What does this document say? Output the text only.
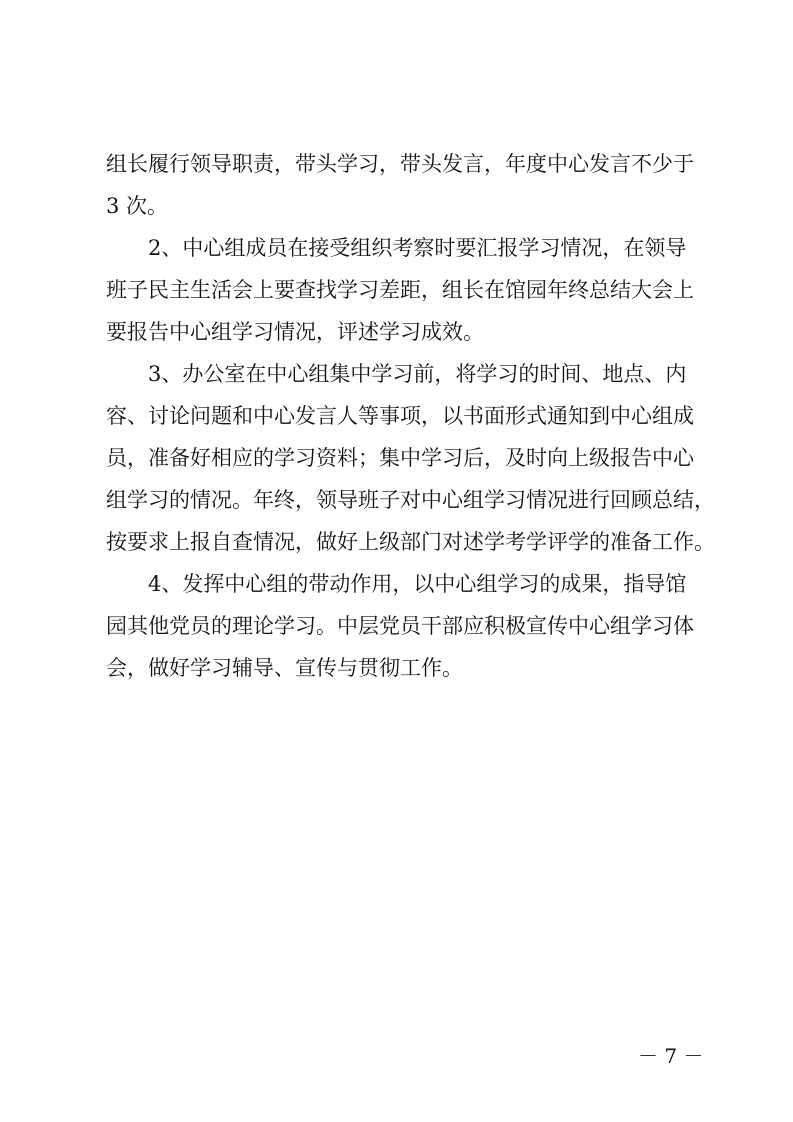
组长履行领导职责，带头学习，带头发言，年度中心发言不少于
3 次。
2、中心组成员在接受组织考察时要汇报学习情况，在领导
班子民主生活会上要查找学习差距，组长在馆园年终总结大会上
要报告中心组学习情况，评述学习成效。
3、办公室在中心组集中学习前，将学习的时间、地点、内
容、讨论问题和中心发言人等事项，以书面形式通知到中心组成
员，准备好相应的学习资料；集中学习后，及时向上级报告中心
组学习的情况。年终，领导班子对中心组学习情况进行回顾总结，
按要求上报自查情况，做好上级部门对述学考学评学的准备工作。
4、发挥中心组的带动作用，以中心组学习的成果，指导馆
园其他党员的理论学习。中层党员干部应积极宣传中心组学习体
会，做好学习辅导、宣传与贯彻工作。
－ 7 －
